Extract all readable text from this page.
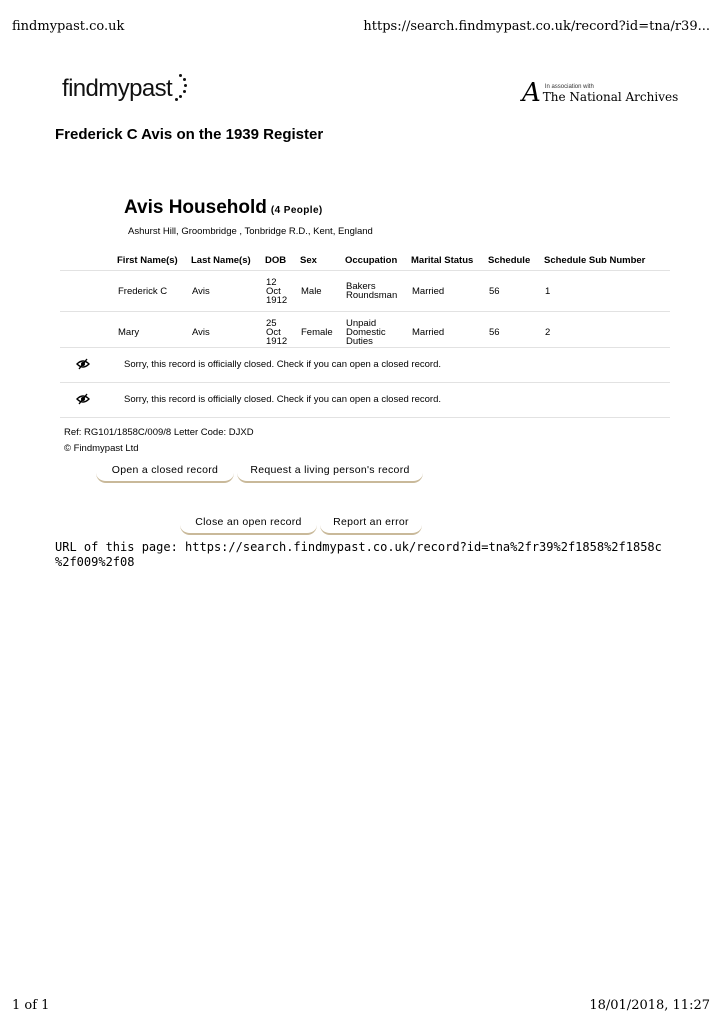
findmypast.co.uk	https://search.findmypast.co.uk/record?id=tna/r39...
findmypast	A In association with
The National Archives
Frederick C Avis on the 1939 Register
Avis Household (4 People)
Ashurst Hill, Groombridge , Tonbridge R.D., Kent, England
	First Name(s)	Last Name(s)	DOB	Sex	Occupation	Marital Status	Schedule	Schedule Sub Number
	Frederick C	Avis	12
Oct
1912	Male	Bakers
Roundsman	Married	56	1
	Mary	Avis	25
Oct
1912	Female	Unpaid
Domestic
Duties	Married	56	2
Sorry, this record is officially closed. Check if you can open a closed record.
Sorry, this record is officially closed. Check if you can open a closed record.
Ref: RG101/1858C/009/8 Letter Code: DJXD
© Findmypast Ltd
Open a closed record	Request a living person's record
Close an open record	Report an error
URL of this page: https://search.findmypast.co.uk/record?id=tna%2fr39%2f1858%2f1858c
%2f009%2f08
1 of 1	18/01/2018, 11:27
